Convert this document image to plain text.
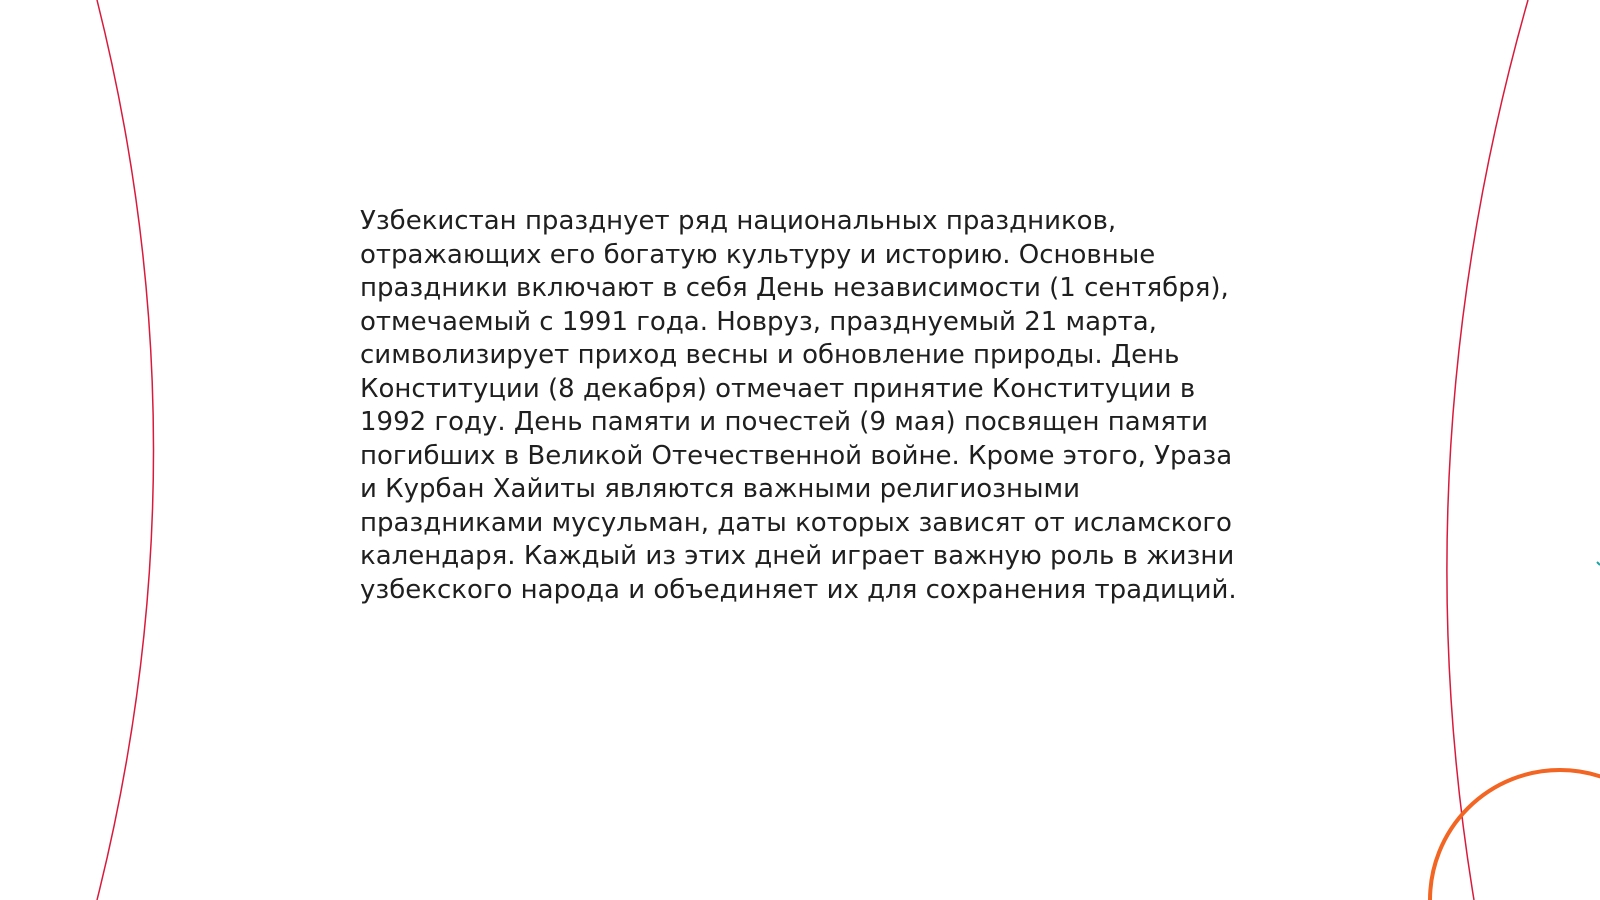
Узбекистан празднует ряд национальных праздников,
отражающих его богатую культуру и историю. Основные
праздники включают в себя День независимости (1 сентября),
отмечаемый с 1991 года. Новруз, празднуемый 21 марта,
символизирует приход весны и обновление природы. День
Конституции (8 декабря) отмечает принятие Конституции в
1992 году. День памяти и почестей (9 мая) посвящен памяти
погибших в Великой Отечественной войне. Кроме этого, Ураза
и Курбан Хайиты являются важными религиозными
праздниками мусульман, даты которых зависят от исламского
календаря. Каждый из этих дней играет важную роль в жизни
узбекского народа и объединяет их для сохранения традиций.
